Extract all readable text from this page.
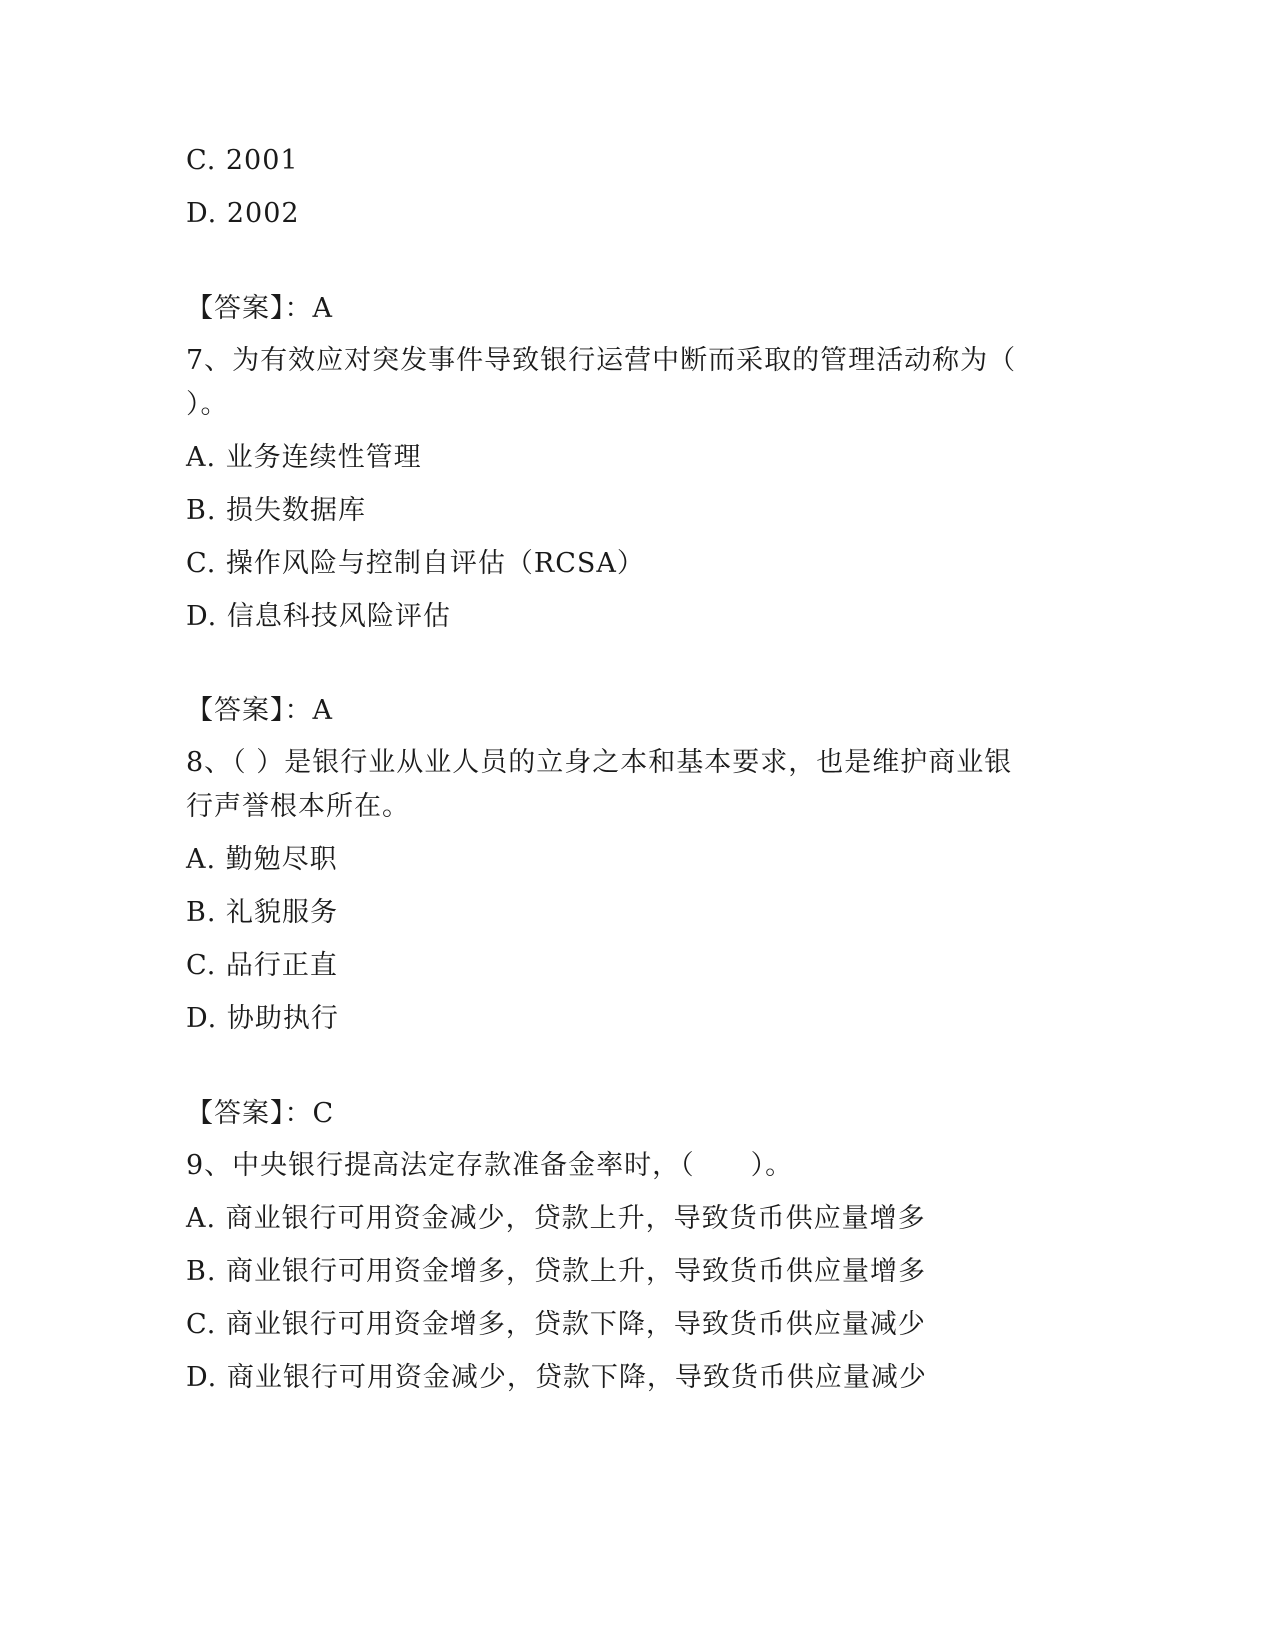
C. 2001
D. 2002
【答案】：A
7、为有效应对突发事件导致银行运营中断而采取的管理活动称为（
）。
A. 业务连续性管理
B. 损失数据库
C. 操作风险与控制自评估（RCSA）
D. 信息科技风险评估
【答案】：A
8、（ ）是银行业从业人员的立身之本和基本要求，也是维护商业银
行声誉根本所在。
A. 勤勉尽职
B. 礼貌服务
C. 品行正直
D. 协助执行
【答案】：C
9、中央银行提高法定存款准备金率时，（　　）。
A. 商业银行可用资金减少，贷款上升，导致货币供应量增多
B. 商业银行可用资金增多，贷款上升，导致货币供应量增多
C. 商业银行可用资金增多，贷款下降，导致货币供应量减少
D. 商业银行可用资金减少，贷款下降，导致货币供应量减少
